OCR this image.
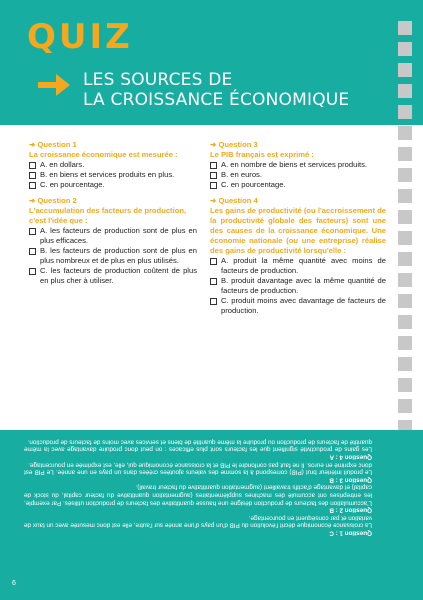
QUIZ
LES SOURCES DE
LA CROISSANCE ÉCONOMIQUE
➜ Question 1
La croissance économique est mesurée :
A. en dollars.
B. en biens et services produits en plus.
C. en pourcentage.
➜ Question 2
L'accumulation des facteurs de production, c'est l'idée que :
A. les facteurs de production sont de plus en plus efficaces.
B. les facteurs de production sont de plus en plus nombreux et de plus en plus utilisés.
C. les facteurs de production coûtent de plus en plus cher à utiliser.
➜ Question 3
Le PIB français est exprimé :
A. en nombre de biens et services produits.
B. en euros.
C. en pourcentage.
➜ Question 4
Les gains de productivité (ou l'accroissement de la productivité globale des facteurs) sont une des causes de la croissance économique. Une économie nationale (ou une entreprise) réalise des gains de productivité lorsqu'elle :
A. produit la même quantité avec moins de facteurs de production.
B. produit davantage avec la même quantité de facteurs de production.
C. produit moins avec davantage de facteurs de production.
Question 1 : C
La croissance économique décrit l'évolution du PIB d'un pays d'une année sur l'autre, elle est donc mesurée avec un taux de variation et par conséquent en pourcentage.
Question 2 : B
L'accumulation des facteurs de production désigne une hausse quantitative des facteurs de production utilisés. Par exemple, les entreprises ont accumulé des machines supplémentaires (augmentation quantitative du facteur capital, du stock de capital) et davantage d'actifs travaillent (augmentation quantitative du facteur travail).
Question 3 : B
Le produit intérieur brut (PIB) correspond à la somme des valeurs ajoutées créées dans un pays en une année. Le PIB est donc exprimé en euros. Il ne faut pas confondre le PIB et la croissance économique qui, elle, est exprimée en pourcentage.
Question 4 : A
Les gains de productivité signifient que les facteurs sont plus efficaces : on peut donc produire davantage avec la même quantité de facteurs de production ou produire la même quantité de biens et services avec moins de facteurs de production.
6
